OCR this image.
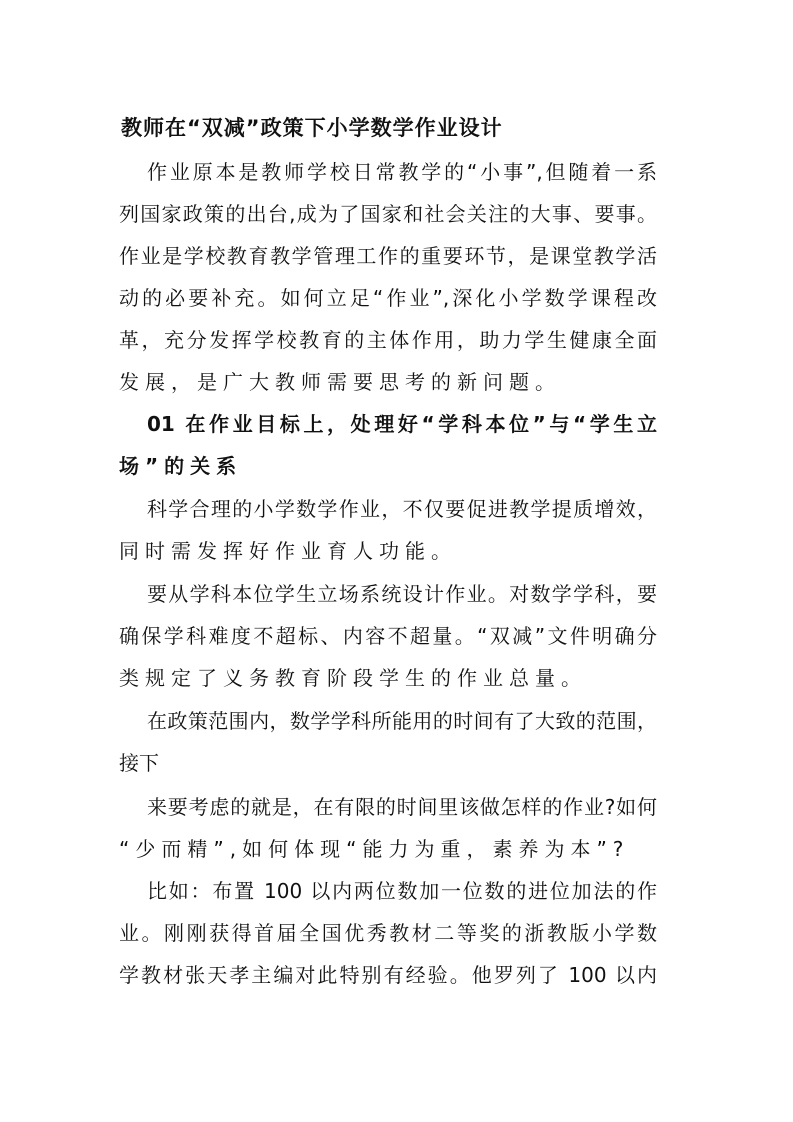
教师在“双减”政策下小学数学作业设计
作业原本是教师学校日常教学的“小事”,但随着一系
列国家政策的出台,成为了国家和社会关注的大事、要事。
作业是学校教育教学管理工作的重要环节，是课堂教学活
动的必要补充。如何立足“作业”,深化小学数学课程改
革，充分发挥学校教育的主体作用，助力学生健康全面
发展，是广大教师需要思考的新问题。
01 在作业目标上，处理好“学科本位”与“学生立
场”的关系
科学合理的小学数学作业，不仅要促进教学提质增效，
同时需发挥好作业育人功能。
要从学科本位学生立场系统设计作业。对数学学科，要
确保学科难度不超标、内容不超量。“双减”文件明确分
类规定了义务教育阶段学生的作业总量。
在政策范围内，数学学科所能用的时间有了大致的范围，
接下
来要考虑的就是，在有限的时间里该做怎样的作业?如何
“少而精”,如何体现“能力为重，素养为本”?
比如：布置 100 以内两位数加一位数的进位加法的作
业。刚刚获得首届全国优秀教材二等奖的浙教版小学数
学教材张天孝主编对此特别有经验。他罗列了 100 以内
